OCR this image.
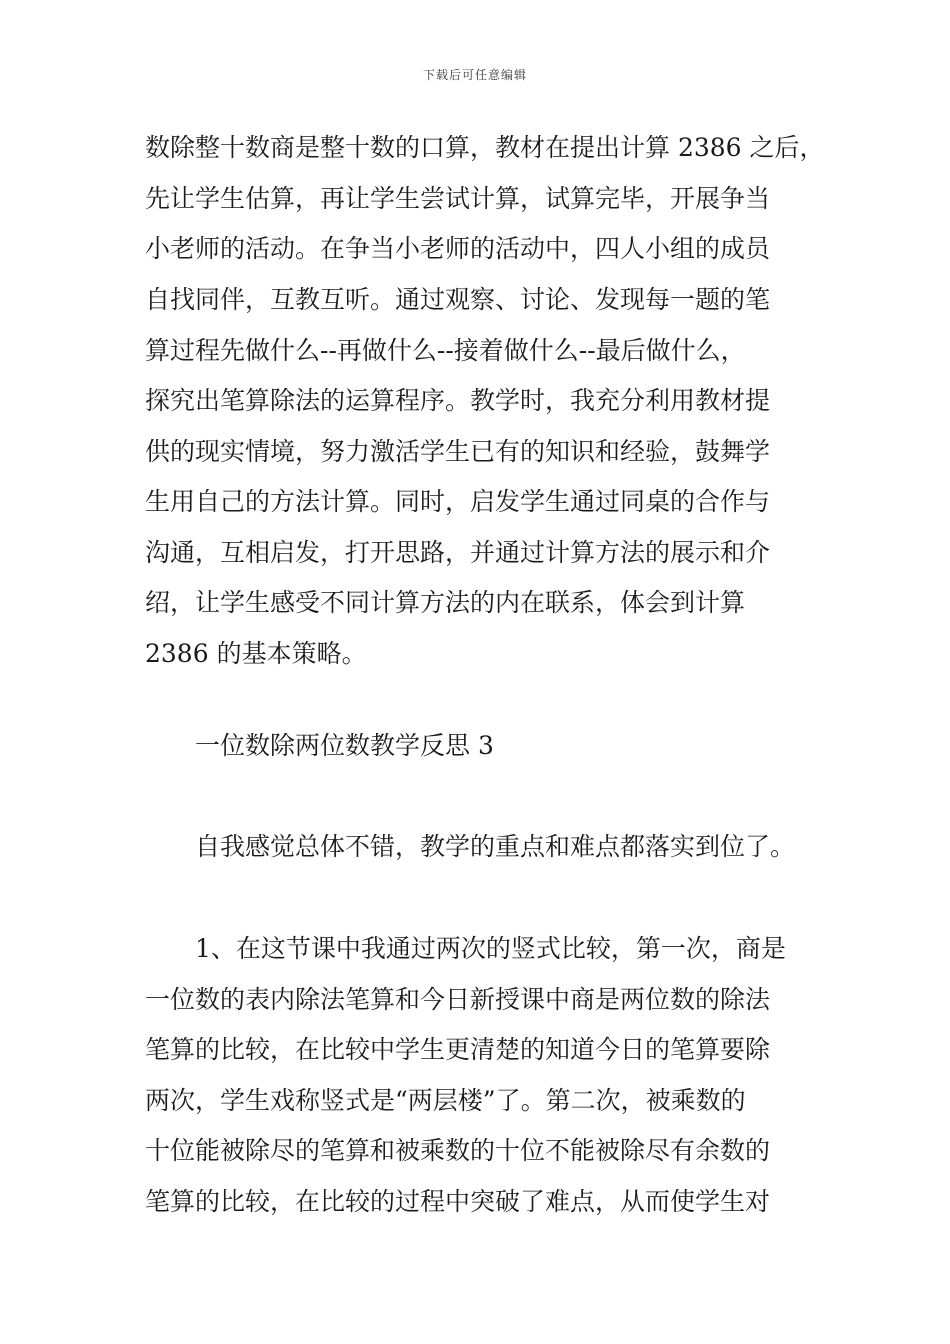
下载后可任意编辑
数除整十数商是整十数的口算，教材在提出计算 2386 之后，
先让学生估算，再让学生尝试计算，试算完毕，开展争当
小老师的活动。在争当小老师的活动中，四人小组的成员
自找同伴，互教互听。通过观察、讨论、发现每一题的笔
算过程先做什么--再做什么--接着做什么--最后做什么，
探究出笔算除法的运算程序。教学时，我充分利用教材提
供的现实情境，努力激活学生已有的知识和经验，鼓舞学
生用自己的方法计算。同时，启发学生通过同桌的合作与
沟通，互相启发，打开思路，并通过计算方法的展示和介
绍，让学生感受不同计算方法的内在联系，体会到计算
2386 的基本策略。
一位数除两位数教学反思 3
自我感觉总体不错，教学的重点和难点都落实到位了。
1、在这节课中我通过两次的竖式比较，第一次，商是
一位数的表内除法笔算和今日新授课中商是两位数的除法
笔算的比较，在比较中学生更清楚的知道今日的笔算要除
两次，学生戏称竖式是“两层楼”了。第二次，被乘数的
十位能被除尽的笔算和被乘数的十位不能被除尽有余数的
笔算的比较，在比较的过程中突破了难点，从而使学生对
